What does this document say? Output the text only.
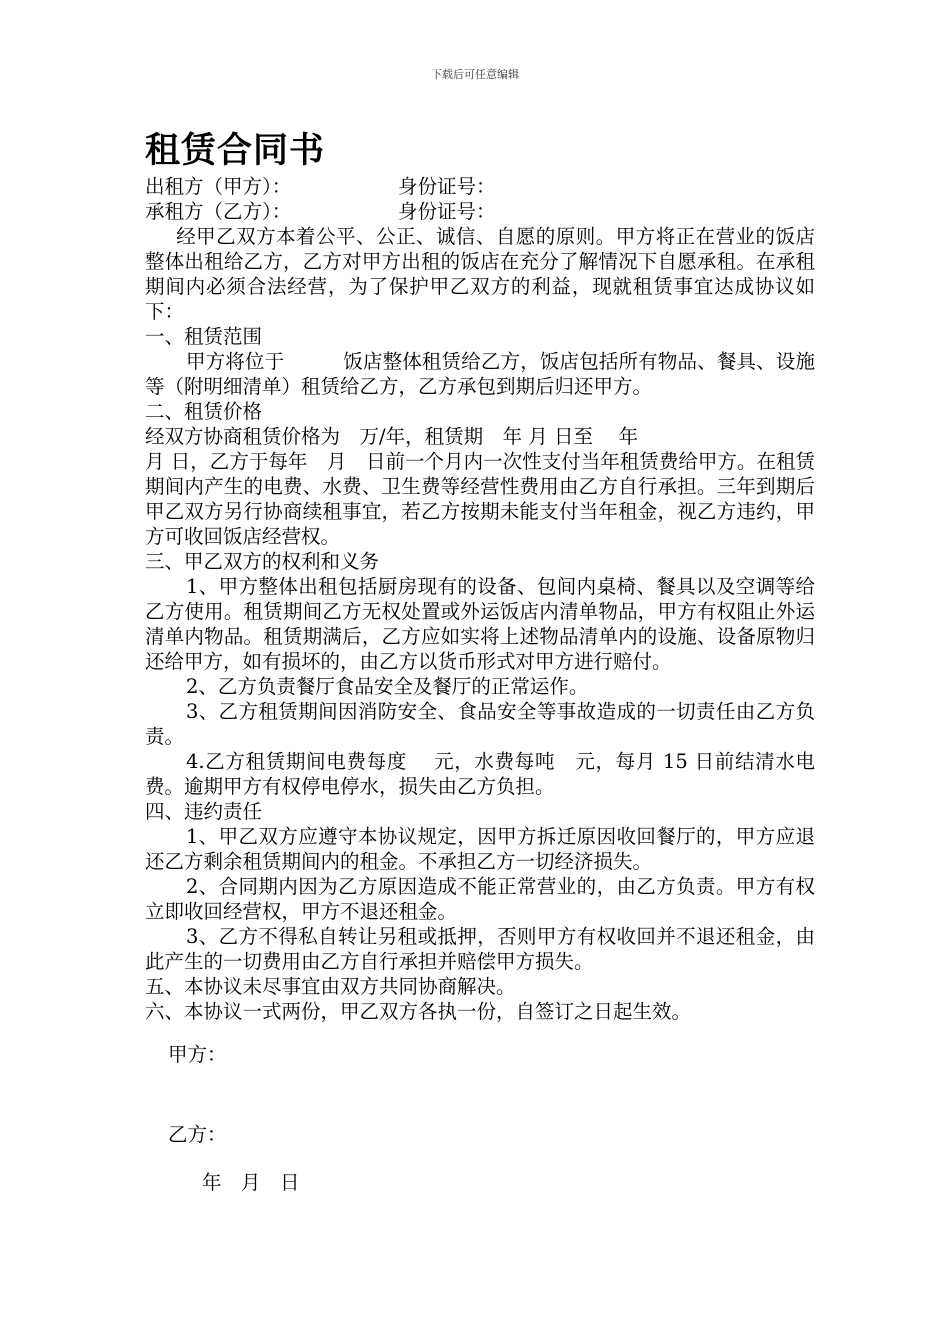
下载后可任意编辑
租赁合同书
出租方（甲方）：	身份证号：
承租方（乙方）：	身份证号：

经甲乙双方本着公平、公正、诚信、自愿的原则。甲方将正在营业的饭店整体出租给乙方，乙方对甲方出租的饭店在充分了解情况下自愿承租。在承租期间内必须合法经营，为了保护甲乙双方的利益，现就租赁事宜达成协议如下：

一、租赁范围

甲方将位于　　　饭店整体租赁给乙方，饭店包括所有物品、餐具、设施等（附明细清单）租赁给乙方，乙方承包到期后归还甲方。

二、租赁价格

经双方协商租赁价格为　万/年，租赁期　年 月 日至　 年

月 日，乙方于每年　月　日前一个月内一次性支付当年租赁费给甲方。在租赁期间内产生的电费、水费、卫生费等经营性费用由乙方自行承担。三年到期后甲乙双方另行协商续租事宜，若乙方按期未能支付当年租金，视乙方违约，甲方可收回饭店经营权。

三、甲乙双方的权利和义务

1、甲方整体出租包括厨房现有的设备、包间内桌椅、餐具以及空调等给乙方使用。租赁期间乙方无权处置或外运饭店内清单物品，甲方有权阻止外运清单内物品。租赁期满后，乙方应如实将上述物品清单内的设施、设备原物归还给甲方，如有损坏的，由乙方以货币形式对甲方进行赔付。

2、乙方负责餐厅食品安全及餐厅的正常运作。

3、乙方租赁期间因消防安全、食品安全等事故造成的一切责任由乙方负责。

4.乙方租赁期间电费每度　 元，水费每吨　元，每月 15 日前结清水电费。逾期甲方有权停电停水，损失由乙方负担。

四、违约责任

1、甲乙双方应遵守本协议规定，因甲方拆迁原因收回餐厅的，甲方应退还乙方剩余租赁期间内的租金。不承担乙方一切经济损失。

2、合同期内因为乙方原因造成不能正常营业的，由乙方负责。甲方有权立即收回经营权，甲方不退还租金。

3、乙方不得私自转让另租或抵押，否则甲方有权收回并不退还租金，由此产生的一切费用由乙方自行承担并赔偿甲方损失。

五、本协议未尽事宜由双方共同协商解决。

六、本协议一式两份，甲乙双方各执一份，自签订之日起生效。

甲方：
乙方：
年　月　日
